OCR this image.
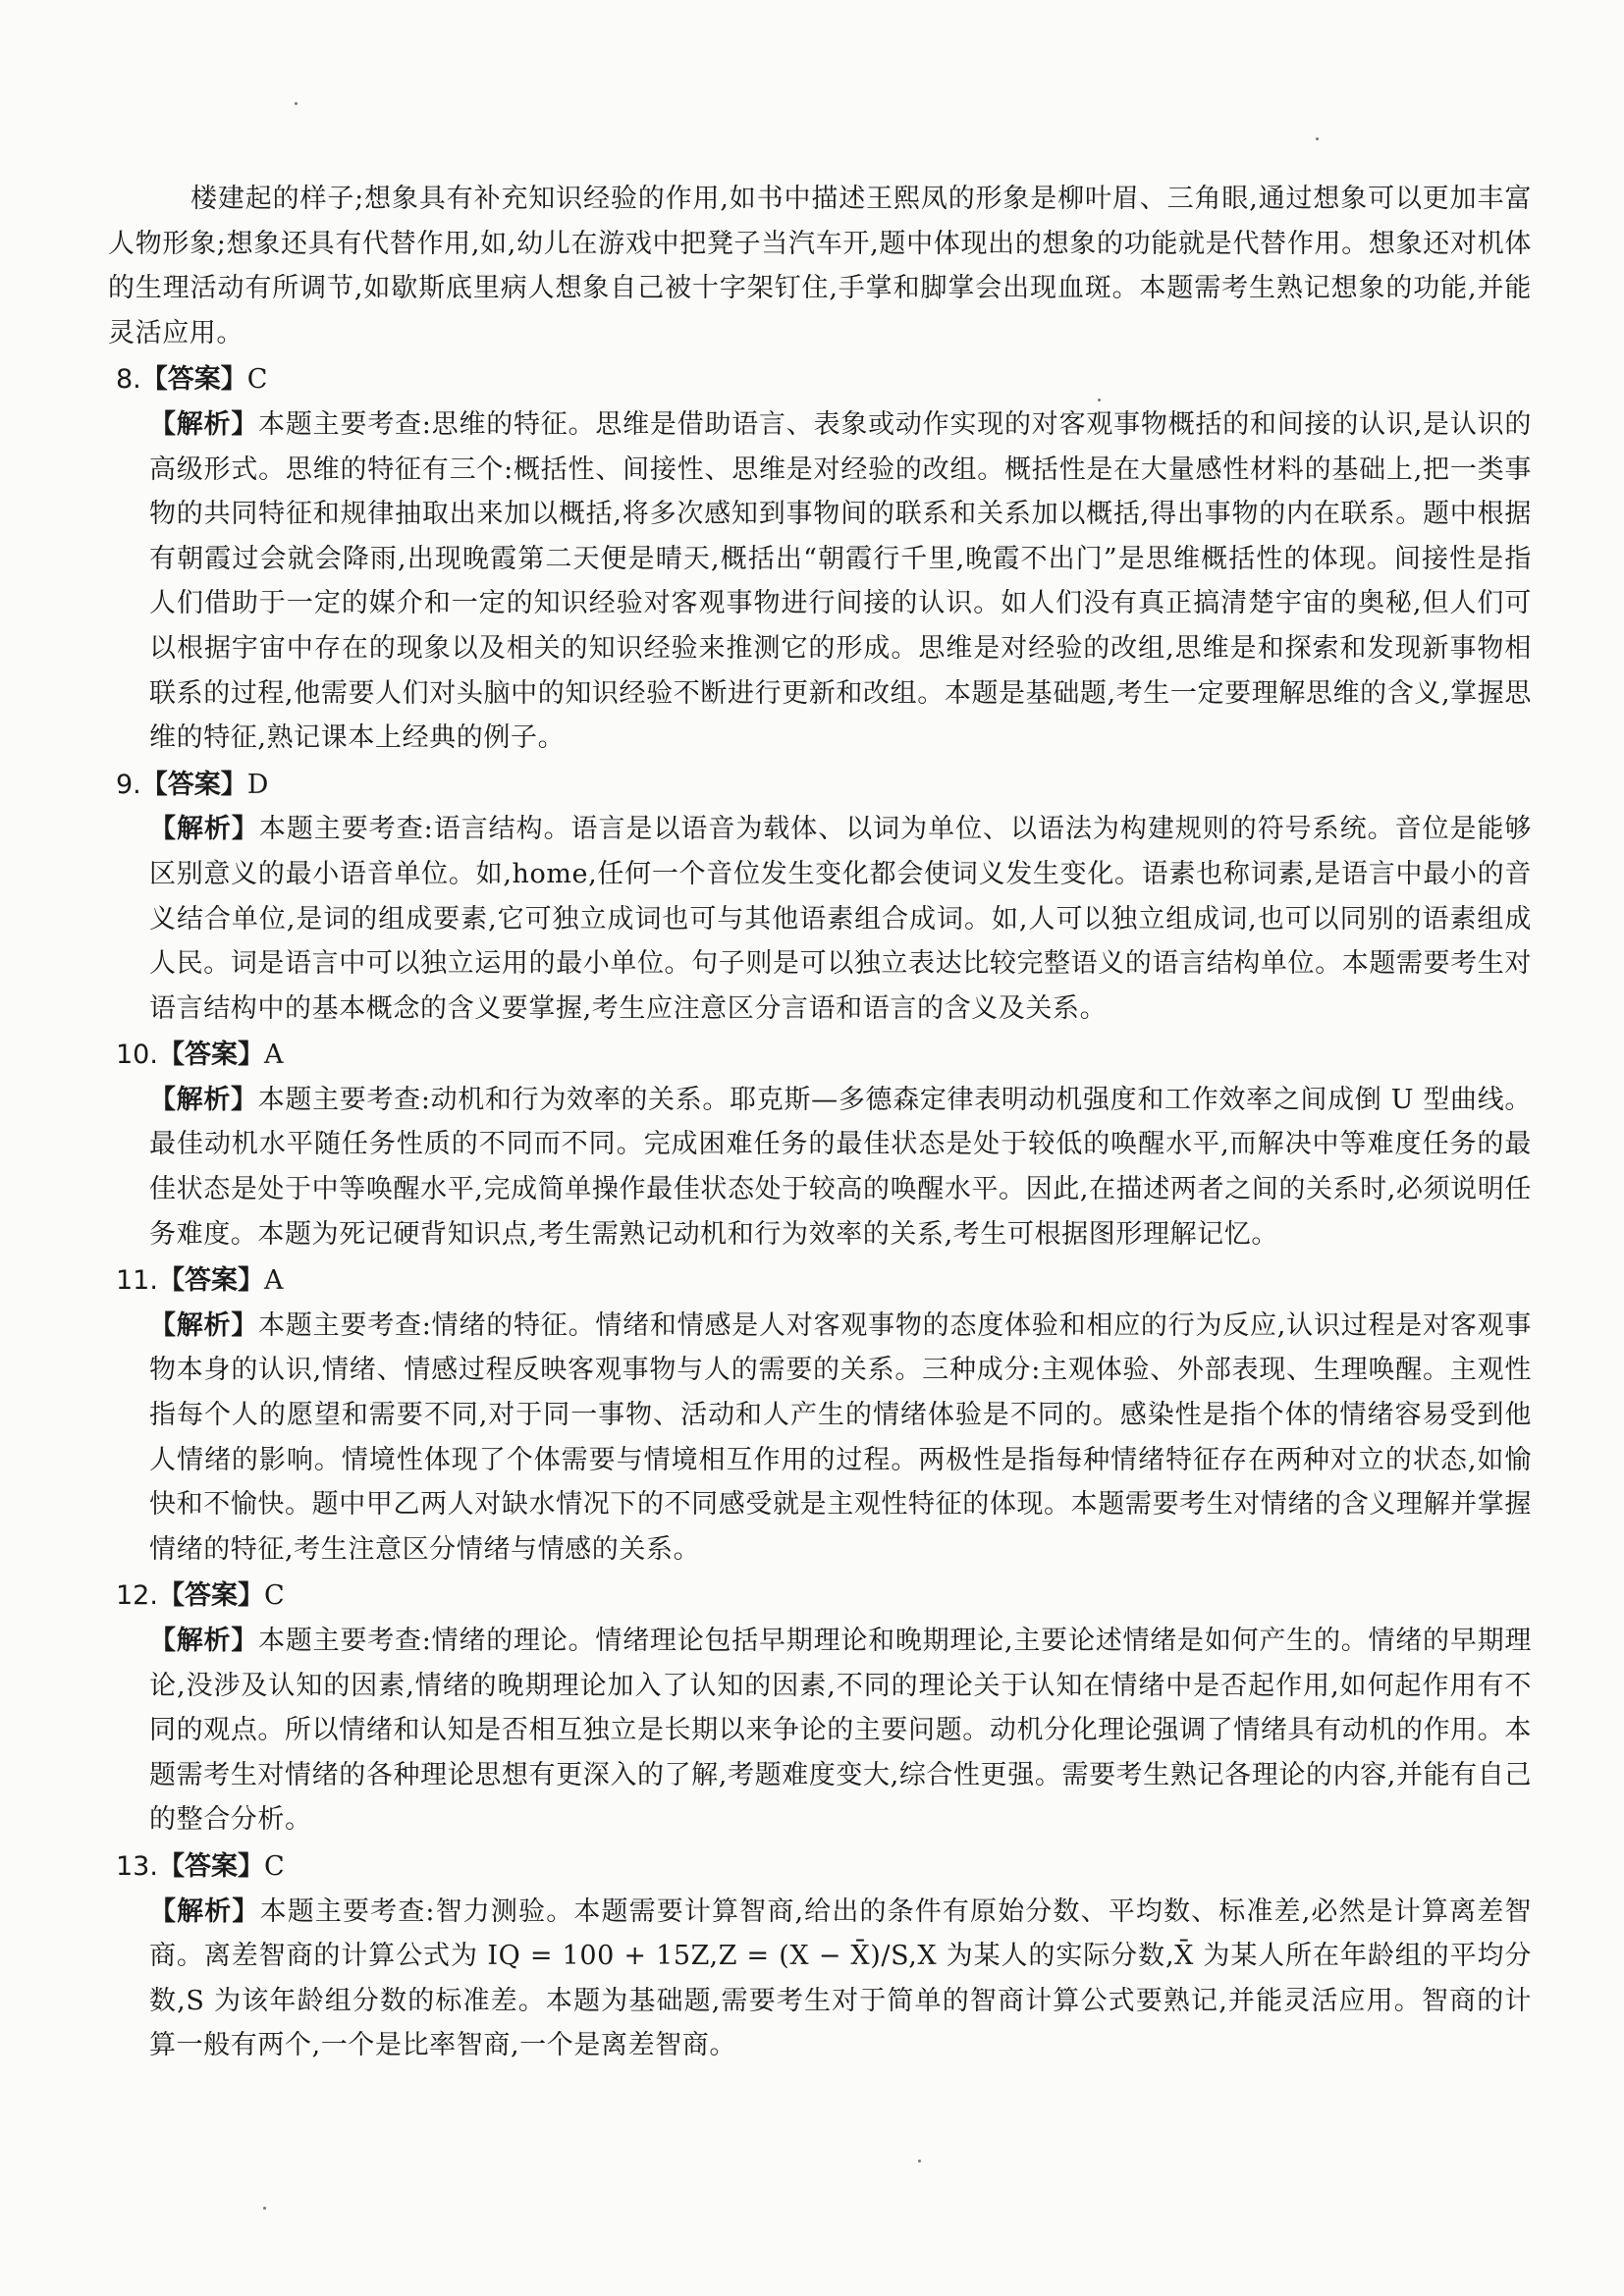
楼建起的样子;想象具有补充知识经验的作用,如书中描述王熙凤的形象是柳叶眉、三角眼,通过想象可以更加丰富人物形象;想象还具有代替作用,如,幼儿在游戏中把凳子当汽车开,题中体现出的想象的功能就是代替作用。想象还对机体的生理活动有所调节,如歇斯底里病人想象自己被十字架钉住,手掌和脚掌会出现血斑。本题需考生熟记想象的功能,并能灵活应用。

8.【答案】C

【解析】本题主要考查:思维的特征。思维是借助语言、表象或动作实现的对客观事物概括的和间接的认识,是认识的高级形式。思维的特征有三个:概括性、间接性、思维是对经验的改组。概括性是在大量感性材料的基础上,把一类事物的共同特征和规律抽取出来加以概括,将多次感知到事物间的联系和关系加以概括,得出事物的内在联系。题中根据有朝霞过会就会降雨,出现晚霞第二天便是晴天,概括出“朝霞行千里,晚霞不出门”是思维概括性的体现。间接性是指人们借助于一定的媒介和一定的知识经验对客观事物进行间接的认识。如人们没有真正搞清楚宇宙的奥秘,但人们可以根据宇宙中存在的现象以及相关的知识经验来推测它的形成。思维是对经验的改组,思维是和探索和发现新事物相联系的过程,他需要人们对头脑中的知识经验不断进行更新和改组。本题是基础题,考生一定要理解思维的含义,掌握思维的特征,熟记课本上经典的例子。

9.【答案】D

【解析】本题主要考查:语言结构。语言是以语音为载体、以词为单位、以语法为构建规则的符号系统。音位是能够区别意义的最小语音单位。如,home,任何一个音位发生变化都会使词义发生变化。语素也称词素,是语言中最小的音义结合单位,是词的组成要素,它可独立成词也可与其他语素组合成词。如,人可以独立组成词,也可以同别的语素组成人民。词是语言中可以独立运用的最小单位。句子则是可以独立表达比较完整语义的语言结构单位。本题需要考生对语言结构中的基本概念的含义要掌握,考生应注意区分言语和语言的含义及关系。

10.【答案】A

【解析】本题主要考查:动机和行为效率的关系。耶克斯—多德森定律表明动机强度和工作效率之间成倒 U 型曲线。最佳动机水平随任务性质的不同而不同。完成困难任务的最佳状态是处于较低的唤醒水平,而解决中等难度任务的最佳状态是处于中等唤醒水平,完成简单操作最佳状态处于较高的唤醒水平。因此,在描述两者之间的关系时,必须说明任务难度。本题为死记硬背知识点,考生需熟记动机和行为效率的关系,考生可根据图形理解记忆。

11.【答案】A

【解析】本题主要考查:情绪的特征。情绪和情感是人对客观事物的态度体验和相应的行为反应,认识过程是对客观事物本身的认识,情绪、情感过程反映客观事物与人的需要的关系。三种成分:主观体验、外部表现、生理唤醒。主观性指每个人的愿望和需要不同,对于同一事物、活动和人产生的情绪体验是不同的。感染性是指个体的情绪容易受到他人情绪的影响。情境性体现了个体需要与情境相互作用的过程。两极性是指每种情绪特征存在两种对立的状态,如愉快和不愉快。题中甲乙两人对缺水情况下的不同感受就是主观性特征的体现。本题需要考生对情绪的含义理解并掌握情绪的特征,考生注意区分情绪与情感的关系。

12.【答案】C

【解析】本题主要考查:情绪的理论。情绪理论包括早期理论和晚期理论,主要论述情绪是如何产生的。情绪的早期理论,没涉及认知的因素,情绪的晚期理论加入了认知的因素,不同的理论关于认知在情绪中是否起作用,如何起作用有不同的观点。所以情绪和认知是否相互独立是长期以来争论的主要问题。动机分化理论强调了情绪具有动机的作用。本题需考生对情绪的各种理论思想有更深入的了解,考题难度变大,综合性更强。需要考生熟记各理论的内容,并能有自己的整合分析。

13.【答案】C

【解析】本题主要考查:智力测验。本题需要计算智商,给出的条件有原始分数、平均数、标准差,必然是计算离差智商。离差智商的计算公式为 IQ = 100 + 15Z,Z = (X − X̄)/S,X 为某人的实际分数,X̄ 为某人所在年龄组的平均分数,S 为该年龄组分数的标准差。本题为基础题,需要考生对于简单的智商计算公式要熟记,并能灵活应用。智商的计算一般有两个,一个是比率智商,一个是离差智商。
